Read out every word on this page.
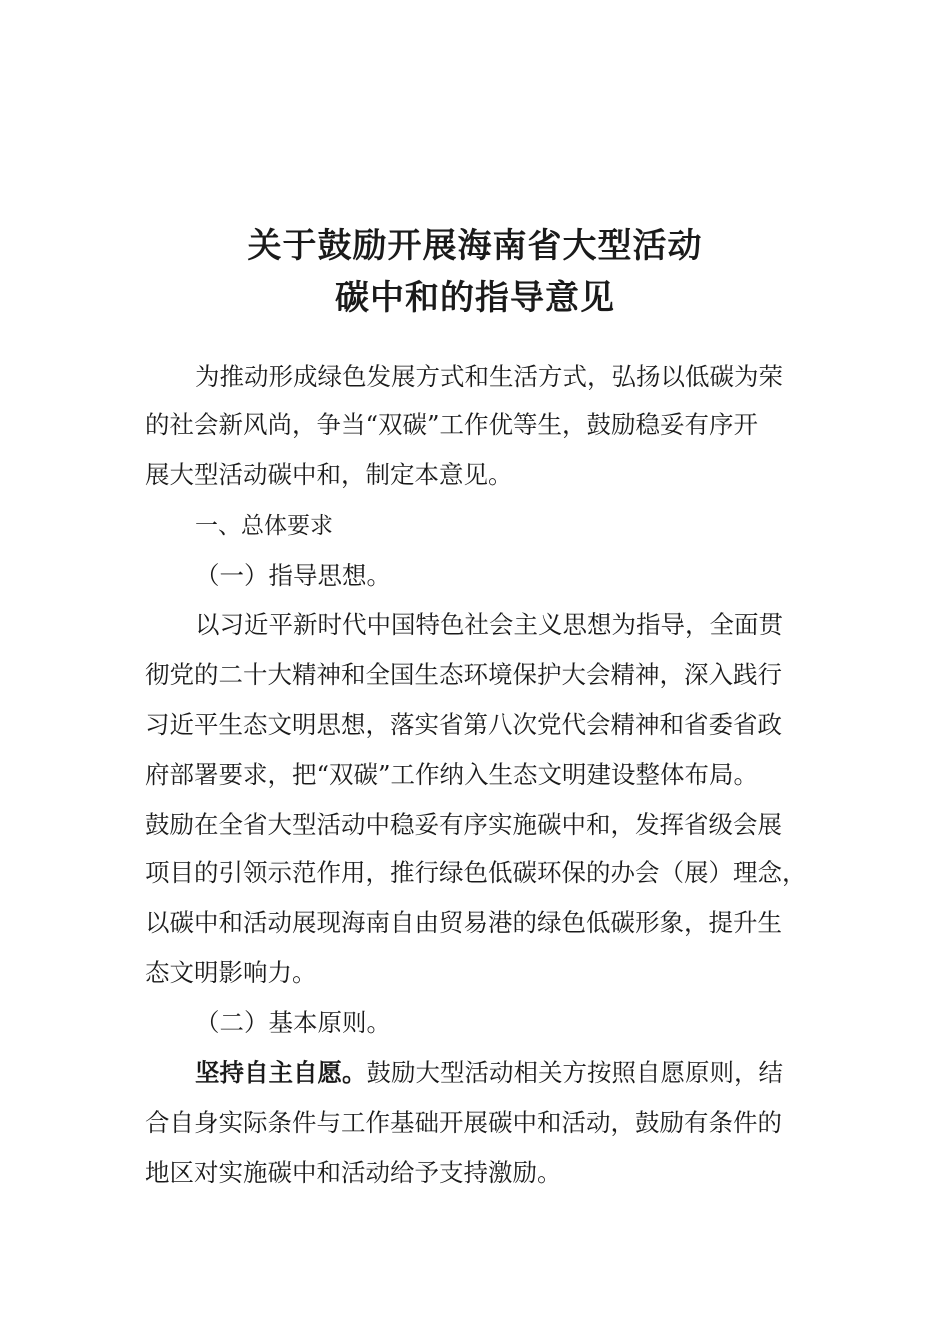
关于鼓励开展海南省大型活动
碳中和的指导意见
为推动形成绿色发展方式和生活方式，弘扬以低碳为荣
的社会新风尚，争当“双碳”工作优等生，鼓励稳妥有序开
展大型活动碳中和，制定本意见。
一、总体要求
（一）指导思想。
以习近平新时代中国特色社会主义思想为指导，全面贯
彻党的二十大精神和全国生态环境保护大会精神，深入践行
习近平生态文明思想，落实省第八次党代会精神和省委省政
府部署要求，把“双碳”工作纳入生态文明建设整体布局。
鼓励在全省大型活动中稳妥有序实施碳中和，发挥省级会展
项目的引领示范作用，推行绿色低碳环保的办会（展）理念，
以碳中和活动展现海南自由贸易港的绿色低碳形象，提升生
态文明影响力。
（二）基本原则。
坚持自主自愿。鼓励大型活动相关方按照自愿原则，结
合自身实际条件与工作基础开展碳中和活动，鼓励有条件的
地区对实施碳中和活动给予支持激励。
